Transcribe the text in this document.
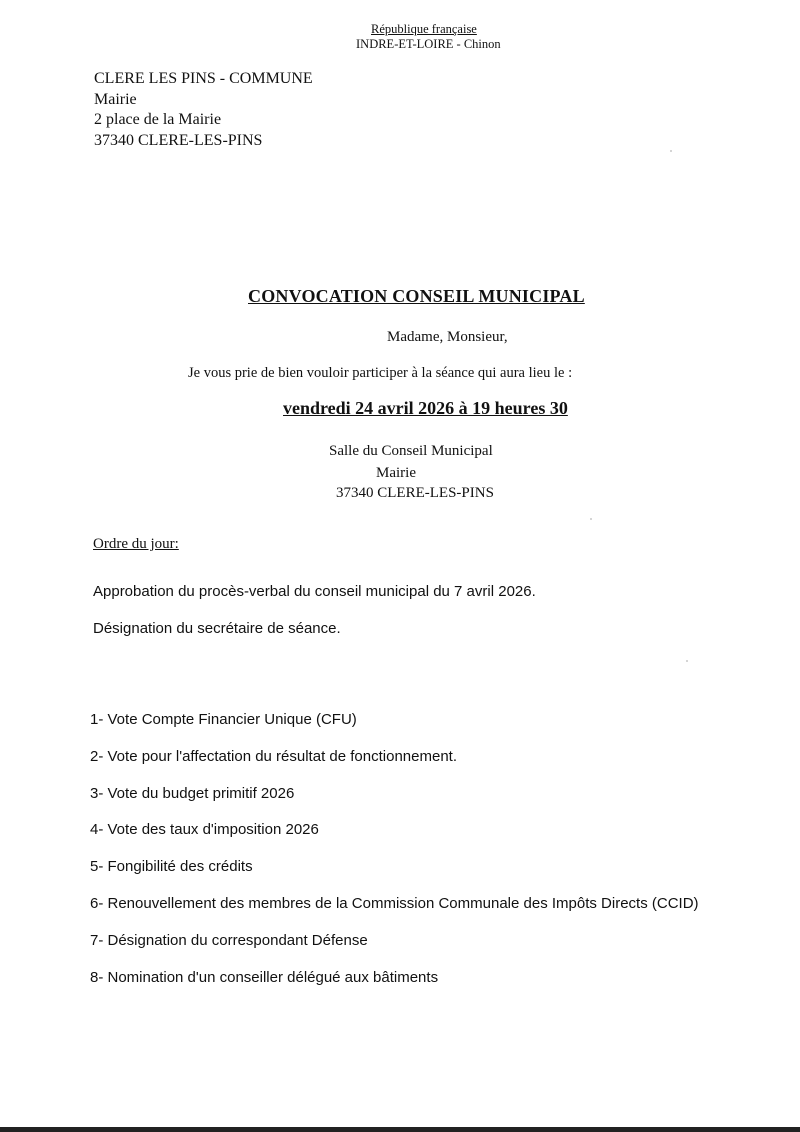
République française
INDRE-ET-LOIRE - Chinon
CLERE LES PINS - COMMUNE
Mairie
2 place de la Mairie
37340 CLERE-LES-PINS
CONVOCATION CONSEIL MUNICIPAL
Madame, Monsieur,
Je vous prie de bien vouloir participer à la séance qui aura lieu le :
vendredi 24 avril 2026 à 19 heures 30
Salle du Conseil Municipal
Mairie
37340 CLERE-LES-PINS
Ordre du jour:
Approbation du procès-verbal du conseil municipal du 7 avril 2026.
Désignation du secrétaire de séance.
1- Vote Compte Financier Unique (CFU)
2- Vote pour l'affectation du résultat de fonctionnement.
3- Vote du budget primitif 2026
4- Vote des taux d'imposition 2026
5- Fongibilité des crédits
6- Renouvellement des membres de la Commission Communale des Impôts Directs (CCID)
7- Désignation du correspondant Défense
8- Nomination d'un conseiller délégué aux bâtiments
